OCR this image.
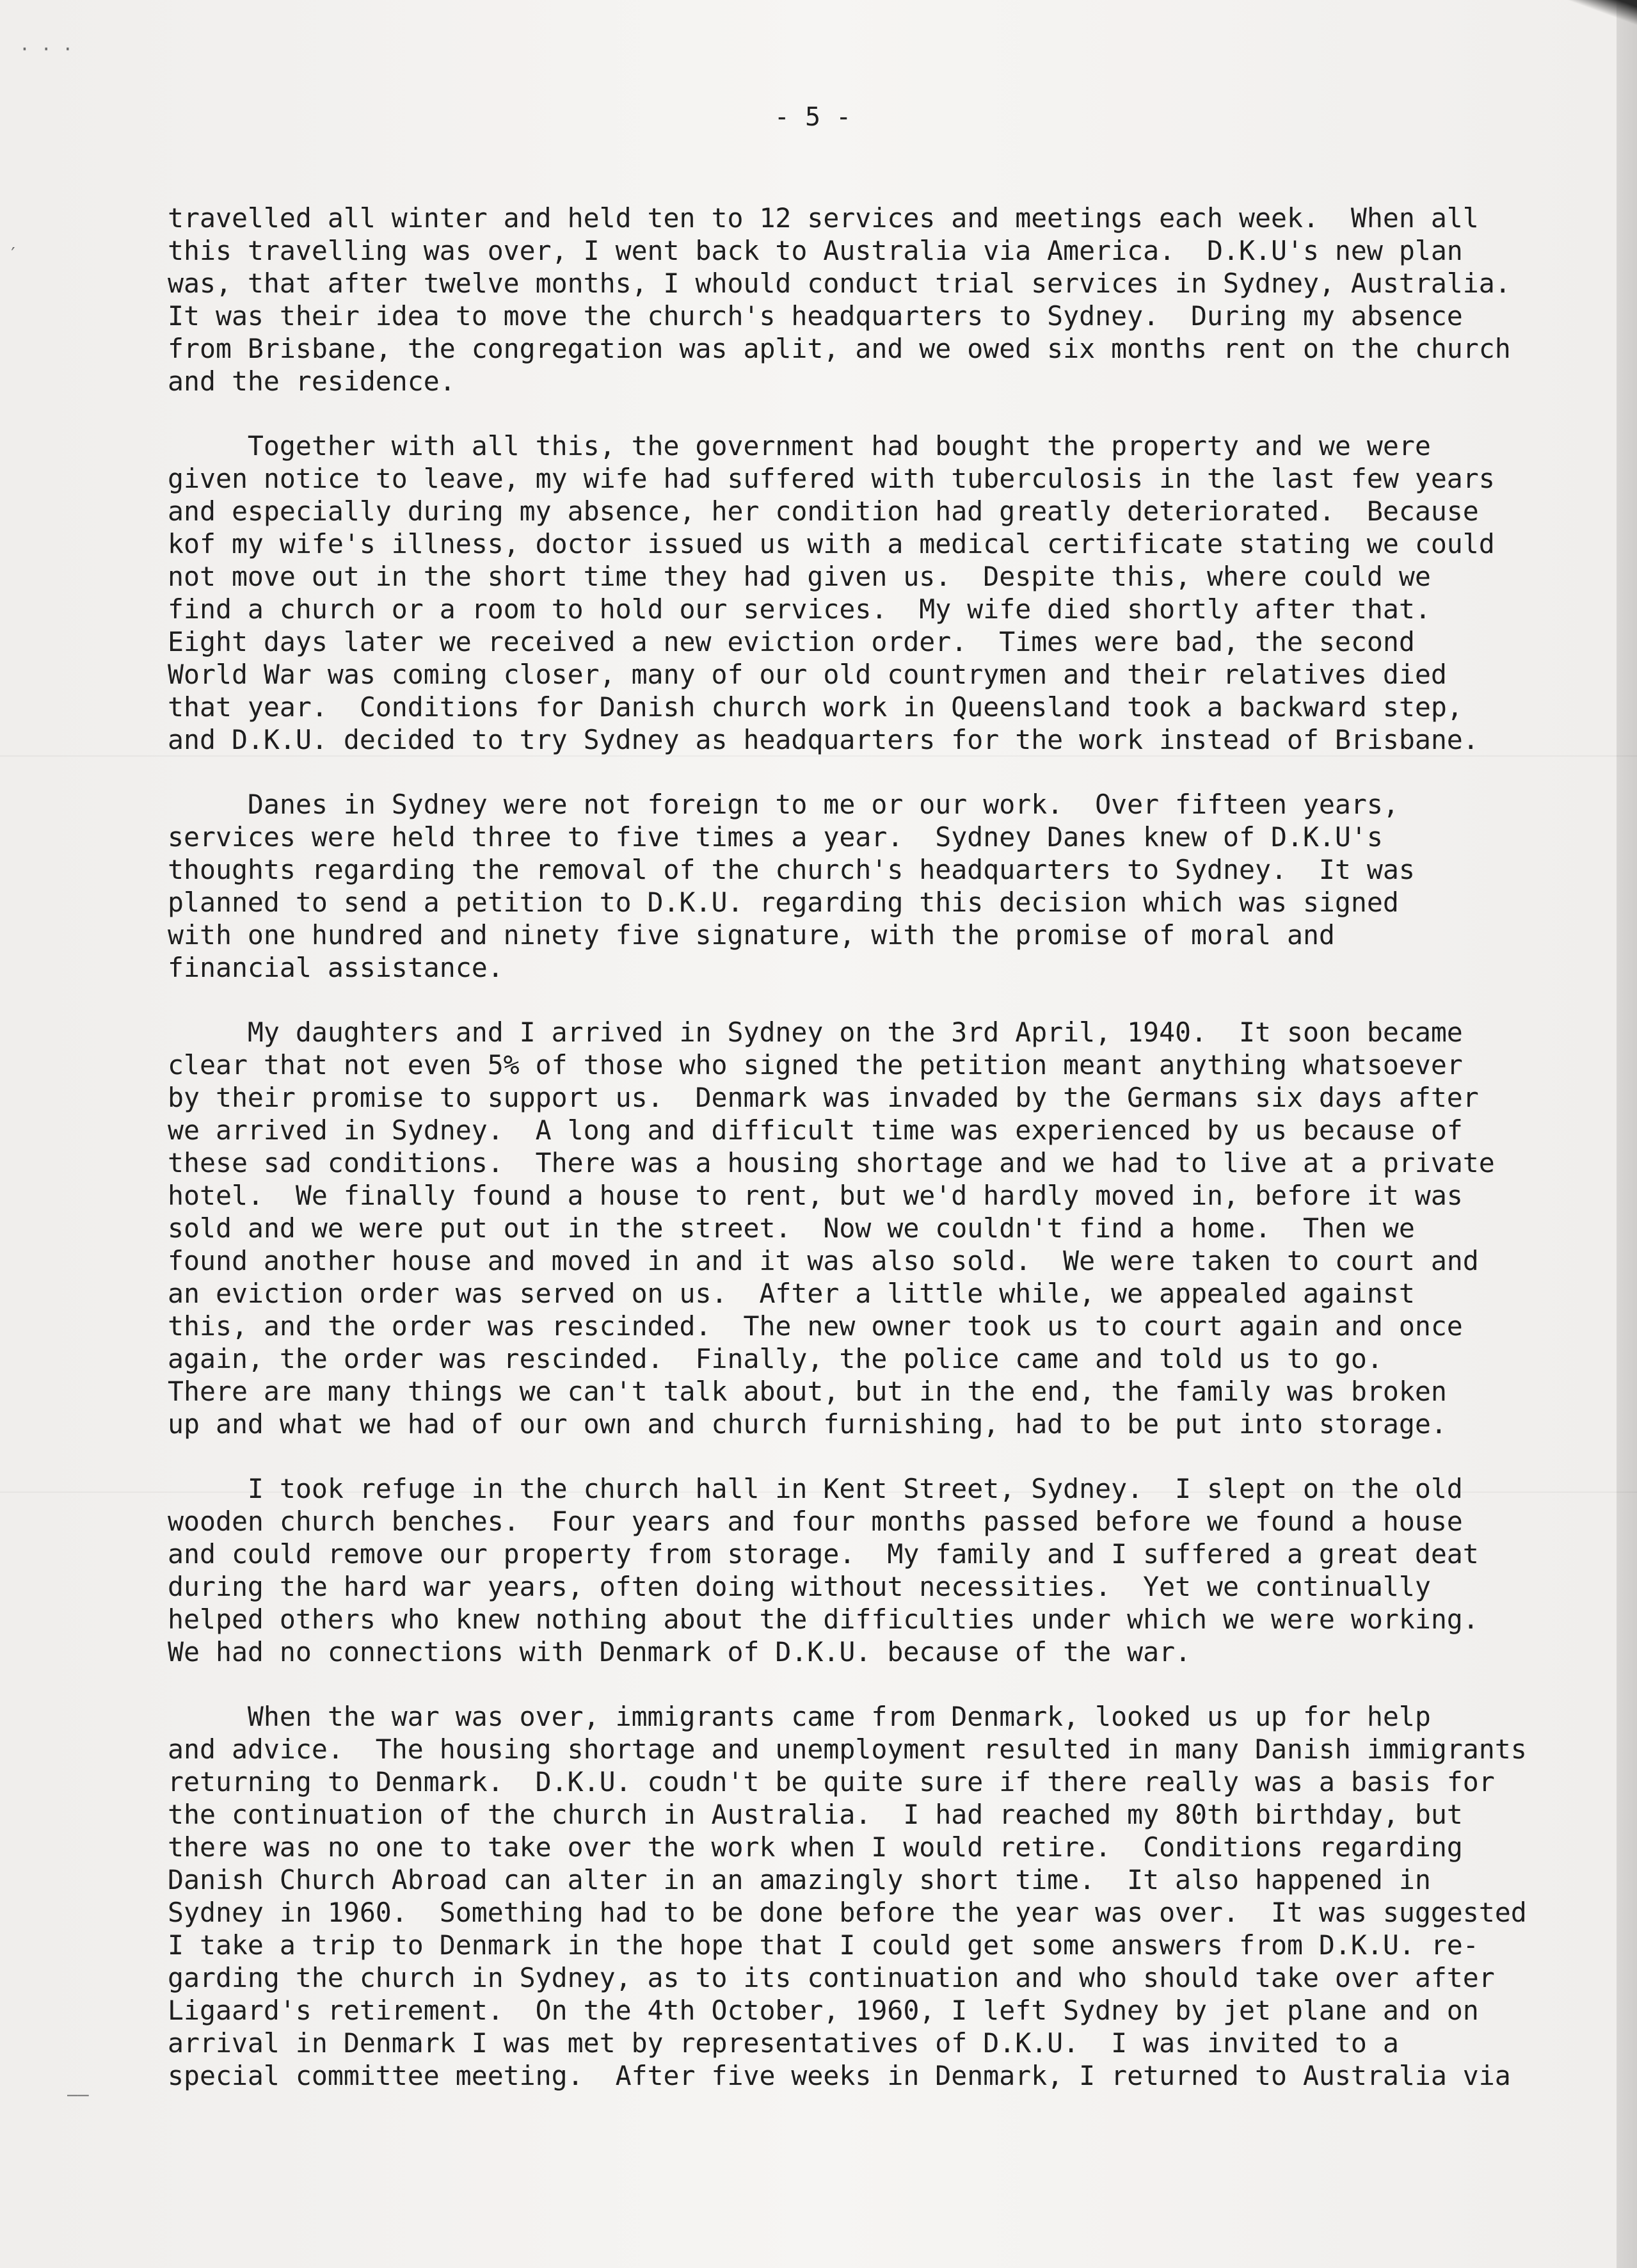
· · ·
′
——
- 5 -
travelled all winter and held ten to 12 services and meetings each week.  When all
this travelling was over, I went back to Australia via America.  D.K.U's new plan
was, that after twelve months, I whould conduct trial services in Sydney, Australia.
It was their idea to move the church's headquarters to Sydney.  During my absence
from Brisbane, the congregation was aplit, and we owed six months rent on the church
and the residence.
Together with all this, the government had bought the property and we were
given notice to leave, my wife had suffered with tuberculosis in the last few years
and especially during my absence, her condition had greatly deteriorated.  Because
kof my wife's illness, doctor issued us with a medical certificate stating we could
not move out in the short time they had given us.  Despite this, where could we
find a church or a room to hold our services.  My wife died shortly after that.
Eight days later we received a new eviction order.  Times were bad, the second
World War was coming closer, many of our old countrymen and their relatives died
that year.  Conditions for Danish church work in Queensland took a backward step,
and D.K.U. decided to try Sydney as headquarters for the work instead of Brisbane.
Danes in Sydney were not foreign to me or our work.  Over fifteen years,
services were held three to five times a year.  Sydney Danes knew of D.K.U's
thoughts regarding the removal of the church's headquarters to Sydney.  It was
planned to send a petition to D.K.U. regarding this decision which was signed
with one hundred and ninety five signature, with the promise of moral and
financial assistance.
My daughters and I arrived in Sydney on the 3rd April, 1940.  It soon became
clear that not even 5% of those who signed the petition meant anything whatsoever
by their promise to support us.  Denmark was invaded by the Germans six days after
we arrived in Sydney.  A long and difficult time was experienced by us because of
these sad conditions.  There was a housing shortage and we had to live at a private
hotel.  We finally found a house to rent, but we'd hardly moved in, before it was
sold and we were put out in the street.  Now we couldn't find a home.  Then we
found another house and moved in and it was also sold.  We were taken to court and
an eviction order was served on us.  After a little while, we appealed against
this, and the order was rescinded.  The new owner took us to court again and once
again, the order was rescinded.  Finally, the police came and told us to go.
There are many things we can't talk about, but in the end, the family was broken
up and what we had of our own and church furnishing, had to be put into storage.
I took refuge in the church hall in Kent Street, Sydney.  I slept on the old
wooden church benches.  Four years and four months passed before we found a house
and could remove our property from storage.  My family and I suffered a great deat
during the hard war years, often doing without necessities.  Yet we continually
helped others who knew nothing about the difficulties under which we were working.
We had no connections with Denmark of D.K.U. because of the war.
When the war was over, immigrants came from Denmark, looked us up for help
and advice.  The housing shortage and unemployment resulted in many Danish immigrants
returning to Denmark.  D.K.U. coudn't be quite sure if there really was a basis for
the continuation of the church in Australia.  I had reached my 80th birthday, but
there was no one to take over the work when I would retire.  Conditions regarding
Danish Church Abroad can alter in an amazingly short time.  It also happened in
Sydney in 1960.  Something had to be done before the year was over.  It was suggested
I take a trip to Denmark in the hope that I could get some answers from D.K.U. re-
garding the church in Sydney, as to its continuation and who should take over after
Ligaard's retirement.  On the 4th October, 1960, I left Sydney by jet plane and on
arrival in Denmark I was met by representatives of D.K.U.  I was invited to a
special committee meeting.  After five weeks in Denmark, I returned to Australia via
